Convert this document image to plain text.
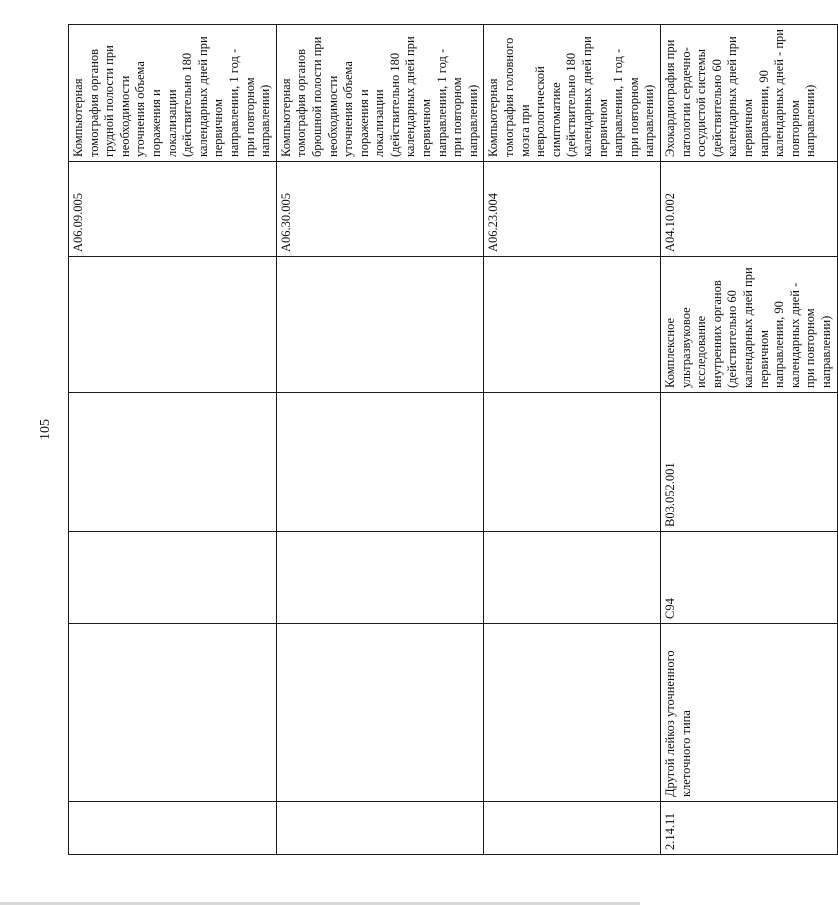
105
					A06.09.005	Компьютерная томография органов грудной полости при необходимости уточнения объема поражения и локализации (действительно 180 календарных дней при первичном направлении, 1 год - при повторном направлении)
					A06.30.005	Компьютерная томография органов брюшной полости при необходимости уточнения объема поражения и локализации (действительно 180 календарных дней при первичном направлении, 1 год - при повторном направлении)
					A06.23.004	Компьютерная томография головного мозга при неврологической симптоматике (действительно 180 календарных дней при первичном направлении, 1 год - при повторном направлении)
2.14.11	Другой лейкоз уточненного клеточного типа	C94	B03.052.001	Комплексное ультразвуковое исследование внутренних органов (действительно 60 календарных дней при первичном направлении, 90 календарных дней - при повторном направлении)	A04.10.002	Эхокардиография при патологии сердечно-сосудистой системы (действительно 60 календарных дней при первичном направлении, 90 календарных дней - при повторном направлении)
